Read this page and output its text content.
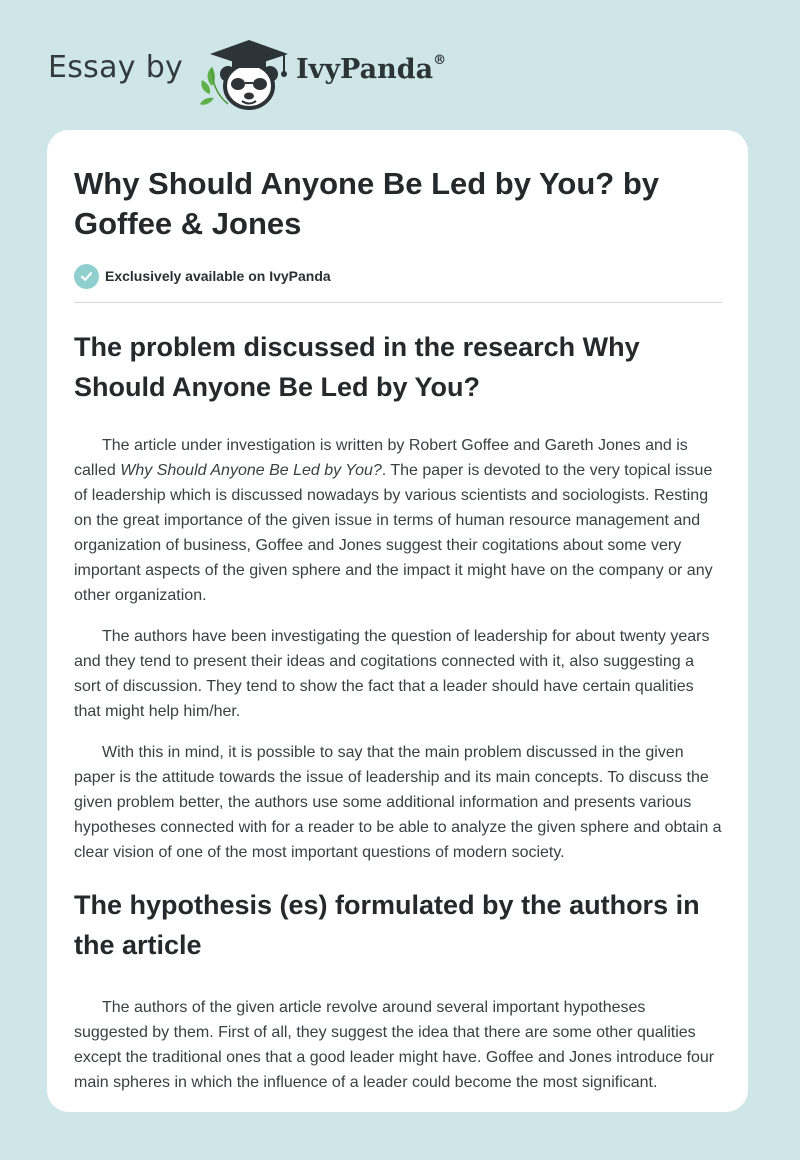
Essay by	IvyPanda®
Why Should Anyone Be Led by You? by Goffee & Jones
Exclusively available on IvyPanda
The problem discussed in the research Why Should Anyone Be Led by You?

The article under investigation is written by Robert Goffee and Gareth Jones and is called Why Should Anyone Be Led by You?. The paper is devoted to the very topical issue of leadership which is discussed nowadays by various scientists and sociologists. Resting on the great importance of the given issue in terms of human resource management and organization of business, Goffee and Jones suggest their cogitations about some very important aspects of the given sphere and the impact it might have on the company or any other organization.

The authors have been investigating the question of leadership for about twenty years and they tend to present their ideas and cogitations connected with it, also suggesting a sort of discussion. They tend to show the fact that a leader should have certain qualities that might help him/her.

With this in mind, it is possible to say that the main problem discussed in the given paper is the attitude towards the issue of leadership and its main concepts. To discuss the given problem better, the authors use some additional information and presents various hypotheses connected with for a reader to be able to analyze the given sphere and obtain a clear vision of one of the most important questions of modern society.

The hypothesis (es) formulated by the authors in the article

The authors of the given article revolve around several important hypotheses suggested by them. First of all, they suggest the idea that there are some other qualities except the traditional ones that a good leader might have. Goffee and Jones introduce four main spheres in which the influence of a leader could become the most significant.
